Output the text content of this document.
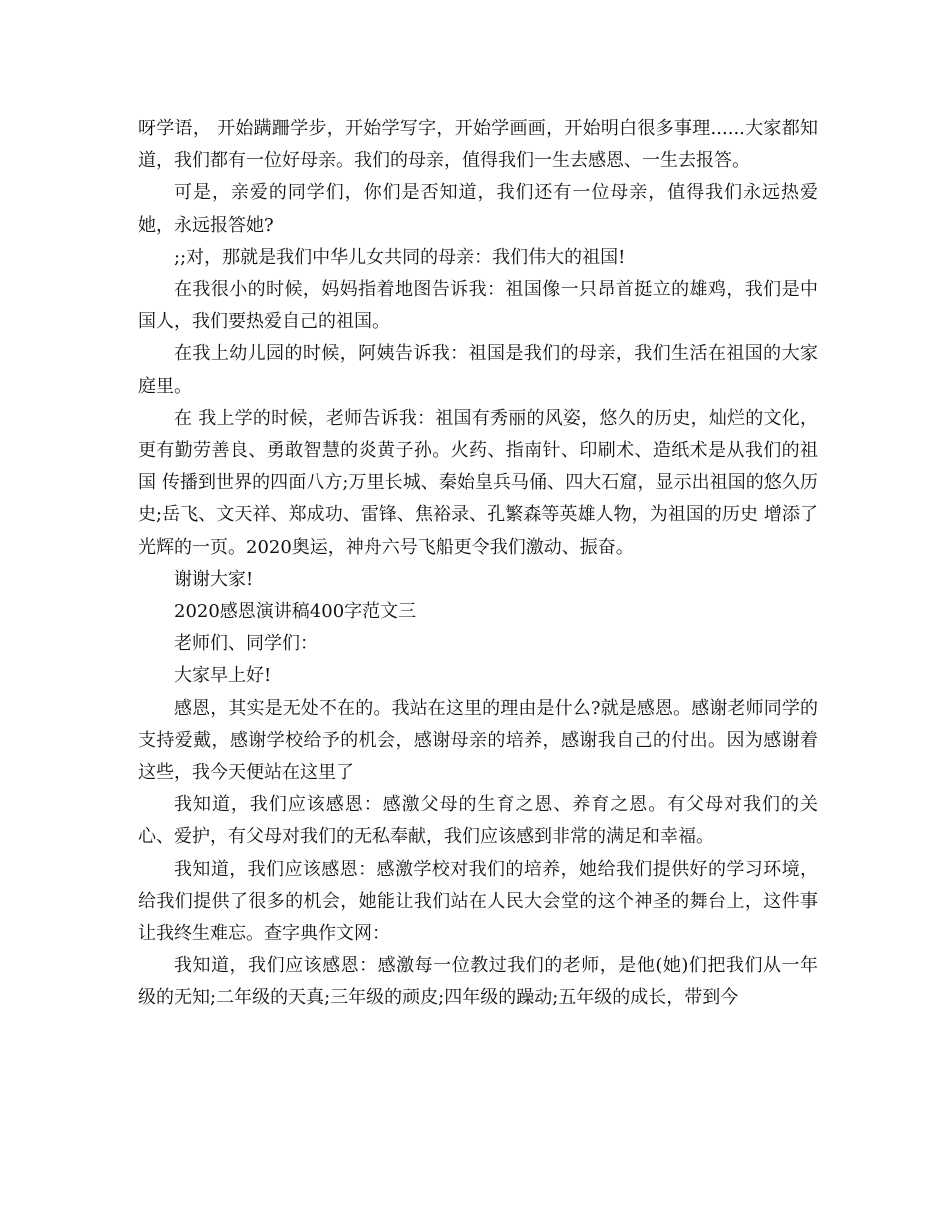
呀学语， 开始蹒跚学步，开始学写字，开始学画画，开始明白很多事理......大家都知道，我们都有一位好母亲。我们的母亲，值得我们一生去感恩、一生去报答。

可是，亲爱的同学们，你们是否知道，我们还有一位母亲，值得我们永远热爱她，永远报答她?

;;对，那就是我们中华儿女共同的母亲：我们伟大的祖国!

在我很小的时候，妈妈指着地图告诉我：祖国像一只昂首挺立的雄鸡，我们是中国人，我们要热爱自己的祖国。

在我上幼儿园的时候，阿姨告诉我：祖国是我们的母亲，我们生活在祖国的大家庭里。

在 我上学的时候，老师告诉我：祖国有秀丽的风姿，悠久的历史，灿烂的文化，更有勤劳善良、勇敢智慧的炎黄子孙。火药、指南针、印刷术、造纸术是从我们的祖国 传播到世界的四面八方;万里长城、秦始皇兵马俑、四大石窟，显示出祖国的悠久历史;岳飞、文天祥、郑成功、雷锋、焦裕录、孔繁森等英雄人物，为祖国的历史 增添了光辉的一页。2020奥运，神舟六号飞船更令我们激动、振奋。

谢谢大家!

2020感恩演讲稿400字范文三

老师们、同学们：

大家早上好!

感恩，其实是无处不在的。我站在这里的理由是什么?就是感恩。感谢老师同学的支持爱戴，感谢学校给予的机会，感谢母亲的培养，感谢我自己的付出。因为感谢着这些，我今天便站在这里了

我知道，我们应该感恩：感激父母的生育之恩、养育之恩。有父母对我们的关心、爱护，有父母对我们的无私奉献，我们应该感到非常的满足和幸福。

我知道，我们应该感恩：感激学校对我们的培养，她给我们提供好的学习环境，给我们提供了很多的机会，她能让我们站在人民大会堂的这个神圣的舞台上，这件事让我终生难忘。查字典作文网：

我知道，我们应该感恩：感激每一位教过我们的老师，是他(她)们把我们从一年级的无知;二年级的天真;三年级的顽皮;四年级的躁动;五年级的成长，带到今
